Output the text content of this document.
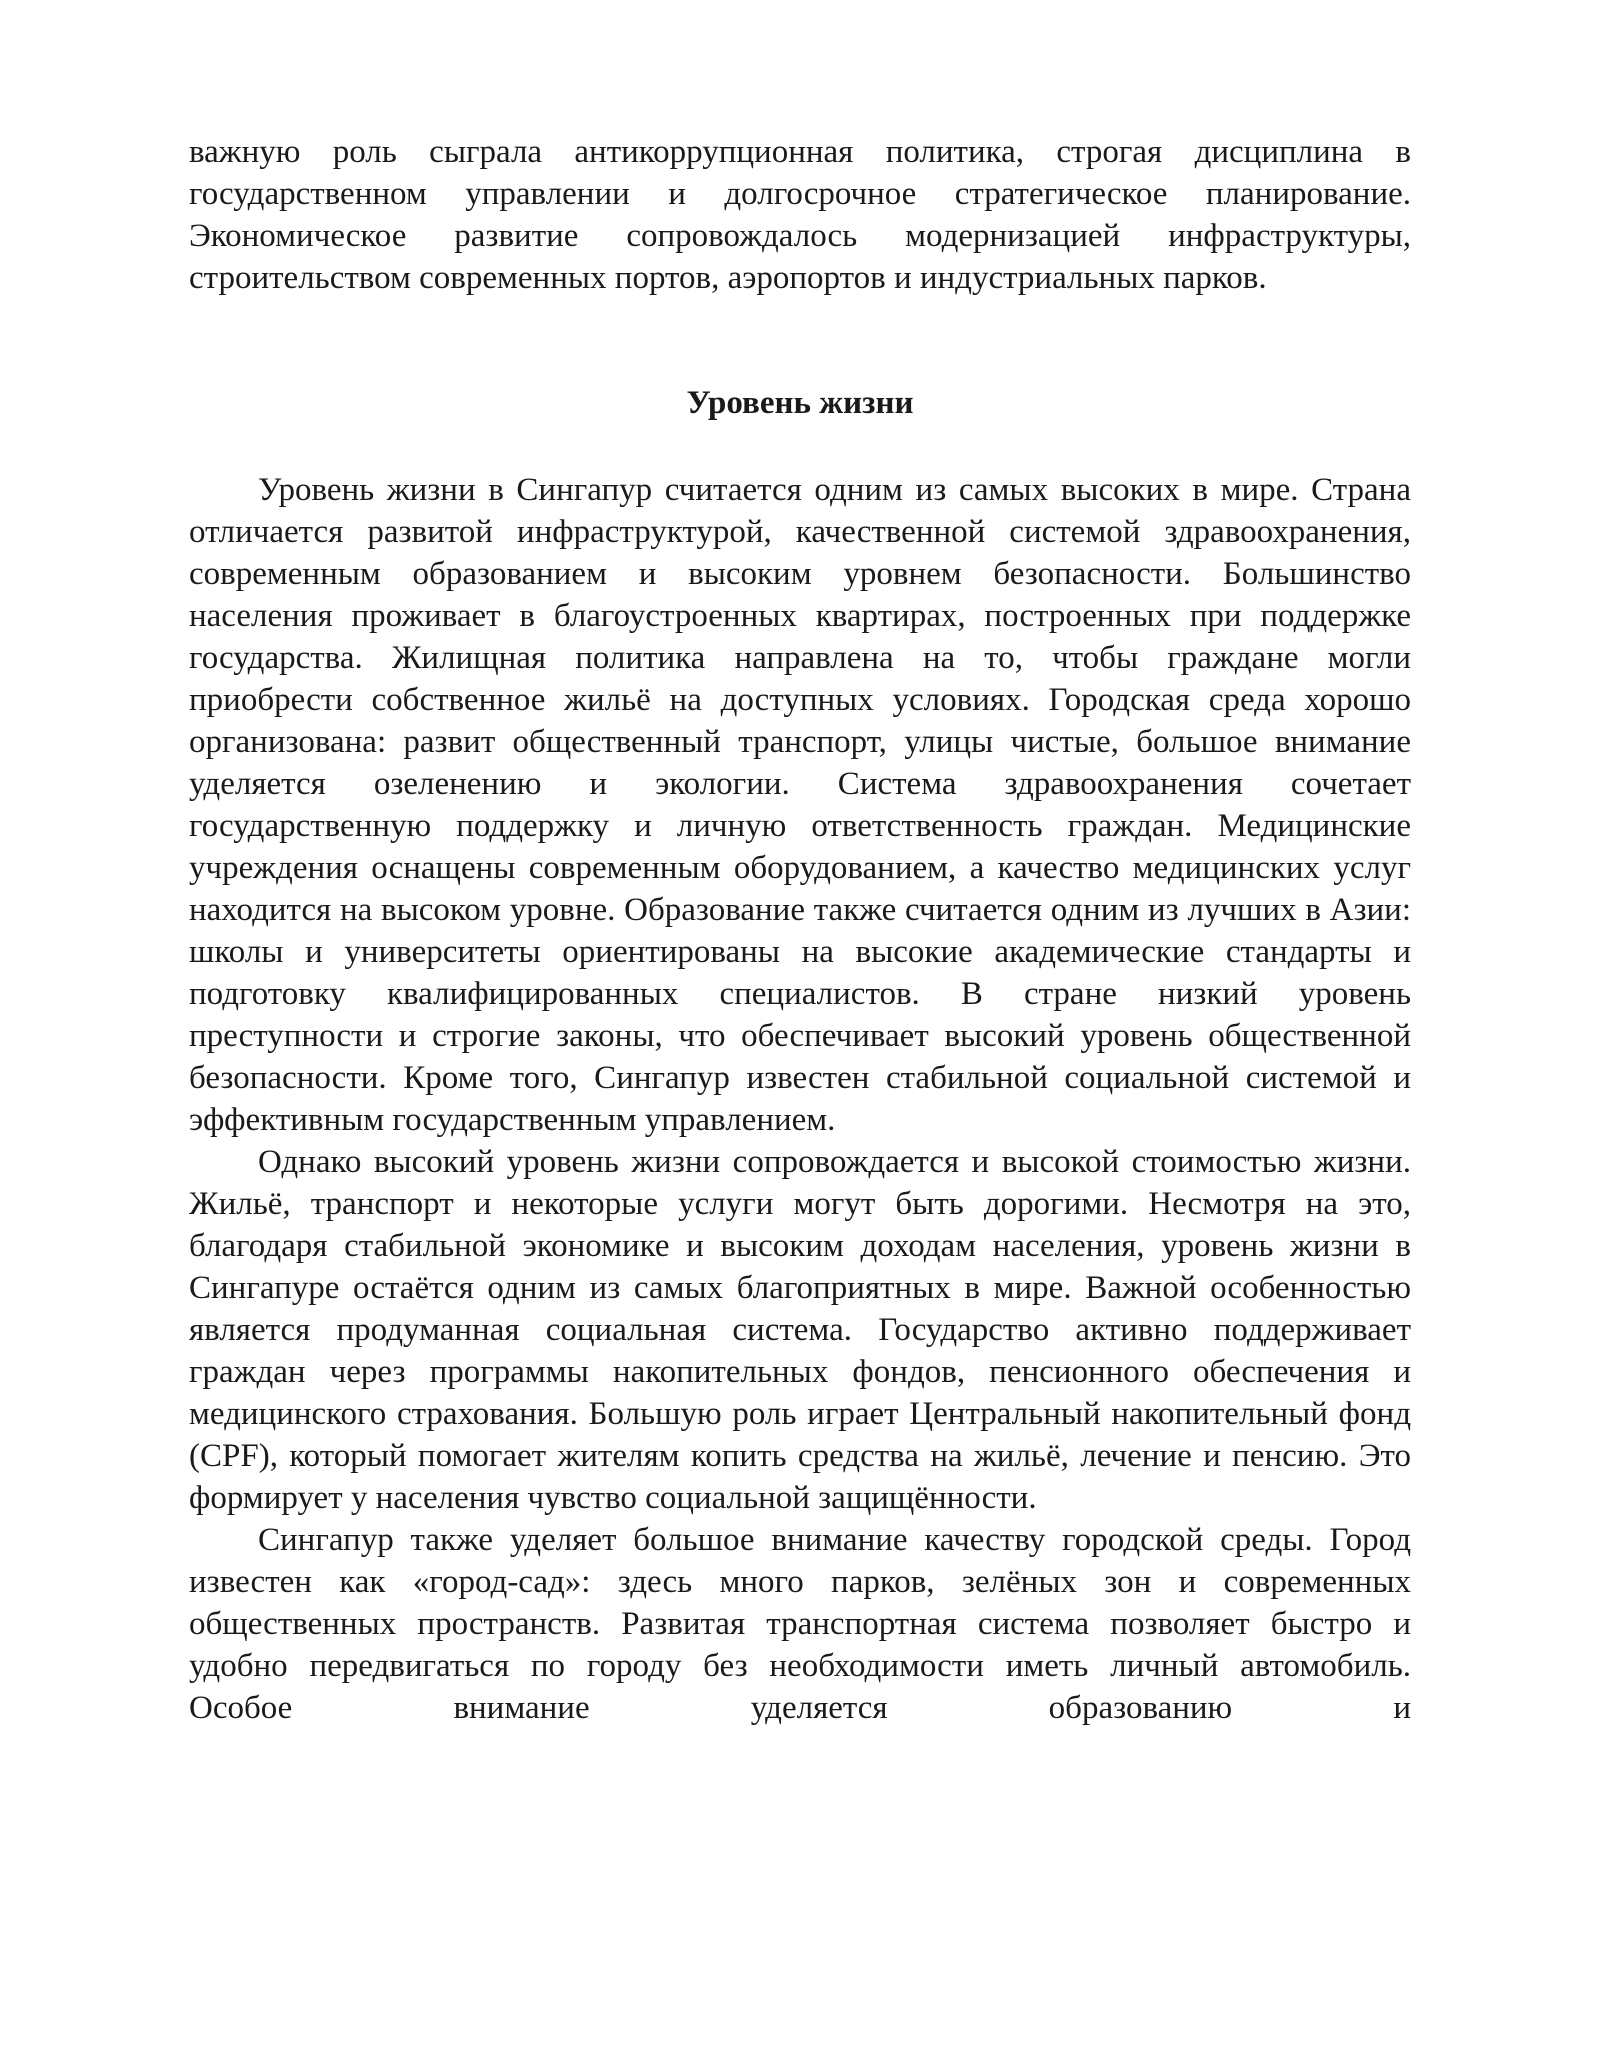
важную роль сыграла антикоррупционная политика, строгая дисциплина в государственном управлении и долгосрочное стратегическое планирование. Экономическое развитие сопровождалось модернизацией инфраструктуры, строительством современных портов, аэропортов и индустриальных парков.

Уровень жизни

Уровень жизни в Сингапур считается одним из самых высоких в мире. Страна отличается развитой инфраструктурой, качественной системой здравоохранения, современным образованием и высоким уровнем безопасности. Большинство населения проживает в благоустроенных квартирах, построенных при поддержке государства. Жилищная политика направлена на то, чтобы граждане могли приобрести собственное жильё на доступных условиях. Городская среда хорошо организована: развит общественный транспорт, улицы чистые, большое внимание уделяется озеленению и экологии. Система здравоохранения сочетает государственную поддержку и личную ответственность граждан. Медицинские учреждения оснащены современным оборудованием, а качество медицинских услуг находится на высоком уровне. Образование также считается одним из лучших в Азии: школы и университеты ориентированы на высокие академические стандарты и подготовку квалифицированных специалистов. В стране низкий уровень преступности и строгие законы, что обеспечивает высокий уровень общественной безопасности. Кроме того, Сингапур известен стабильной социальной системой и эффективным государственным управлением.

Однако высокий уровень жизни сопровождается и высокой стоимостью жизни. Жильё, транспорт и некоторые услуги могут быть дорогими. Несмотря на это, благодаря стабильной экономике и высоким доходам населения, уровень жизни в Сингапуре остаётся одним из самых благоприятных в мире. Важной особенностью является продуманная социальная система. Государство активно поддерживает граждан через программы накопительных фондов, пенсионного обеспечения и медицинского страхования. Большую роль играет Центральный накопительный фонд (CPF), который помогает жителям копить средства на жильё, лечение и пенсию. Это формирует у населения чувство социальной защищённости.

Сингапур также уделяет большое внимание качеству городской среды. Город известен как «город-сад»: здесь много парков, зелёных зон и современных общественных пространств. Развитая транспортная система позволяет быстро и удобно передвигаться по городу без необходимости иметь личный автомобиль. Особое внимание уделяется образованию и
